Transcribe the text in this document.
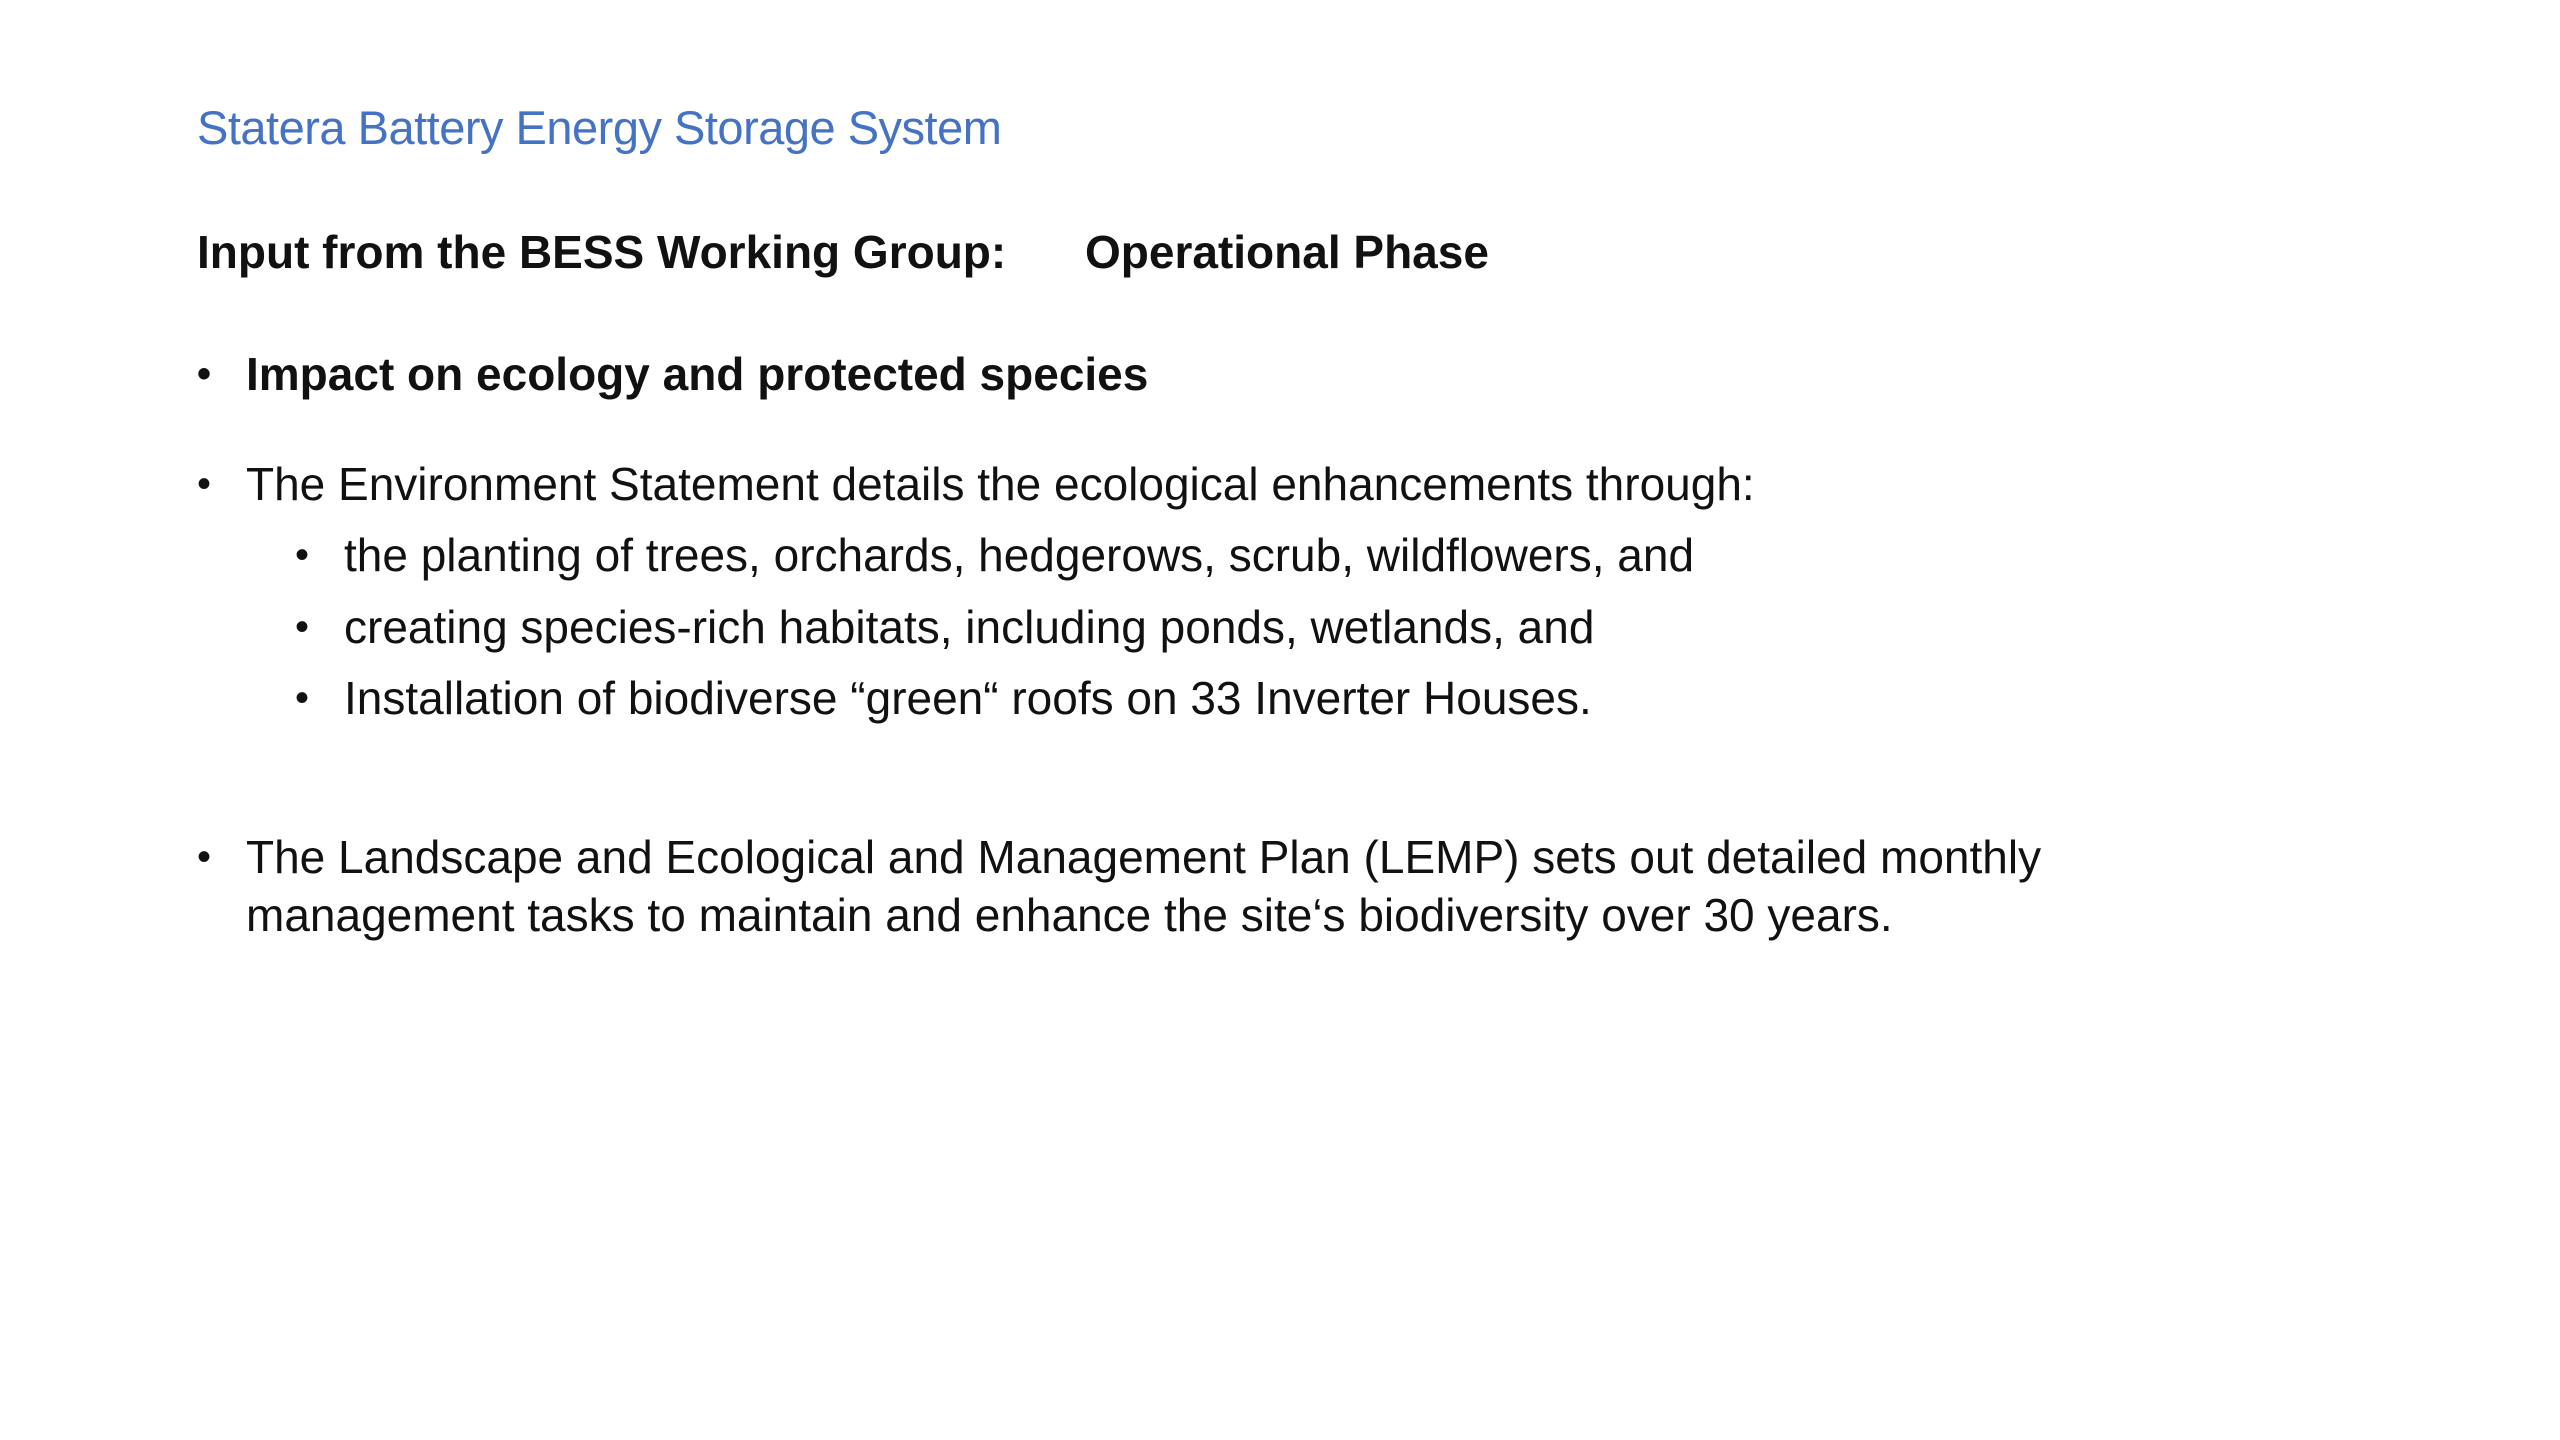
Statera Battery Energy Storage System
Input from the BESS Working Group: Operational Phase
• Impact on ecology and protected species
• The Environment Statement details the ecological enhancements through:
• the planting of trees, orchards, hedgerows, scrub, wildflowers, and
• creating species-rich habitats, including ponds, wetlands, and
• Installation of biodiverse “green“ roofs on 33 Inverter Houses.
• The Landscape and Ecological and Management Plan (LEMP) sets out detailed monthly
management tasks to maintain and enhance the site‘s biodiversity over 30 years.
